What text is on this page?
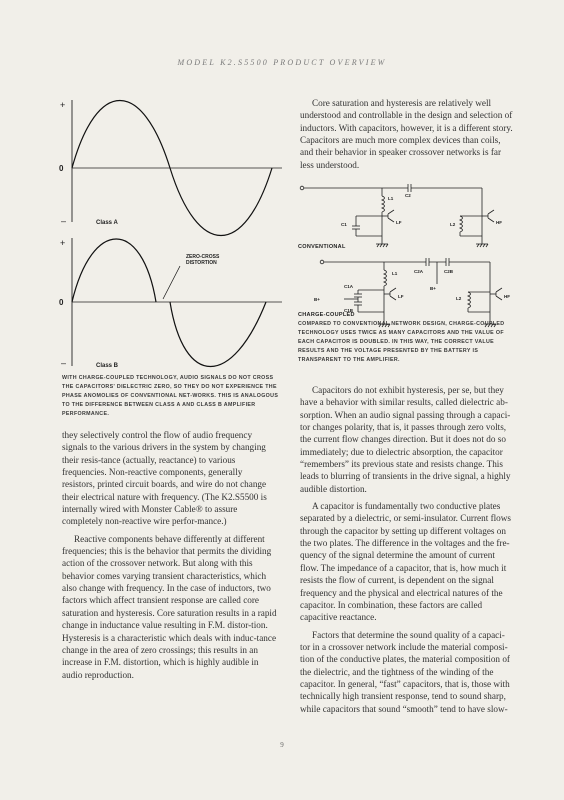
MODEL K2.S5500 PRODUCT OVERVIEW
+
0
–	Class A
ZERO-CROSS
DISTORTION
+
0
–	Class B
WITH CHARGE-COUPLED TECHNOLOGY, AUDIO SIGNALS DO NOT CROSS THE CAPACITORS' DIELECTRIC ZERO, SO THEY DO NOT EXPERIENCE THE PHASE ANOMOLIES OF CONVENTIONAL NET-WORKS. THIS IS ANALOGOUS TO THE DIFFERENCE BETWEEN CLASS A AND CLASS B AMPLIFIER PERFORMANCE.

they selectively control the flow of audio frequency signals to the various drivers in the system by changing their resis-tance (actually, reactance) to various frequencies. Non-reactive components, generally resistors, printed circuit boards, and wire do not change their electrical nature with frequency. (The K2.S5500 is internally wired with Monster Cable® to assure completely non-reactive wire perfor-mance.)

Reactive components behave differently at different frequencies; this is the behavior that permits the dividing action of the crossover network. But along with this behavior comes varying transient characteristics, which also change with frequency. In the case of inductors, two factors which affect transient response are called core saturation and hysteresis. Core saturation results in a rapid change in inductance value resulting in F.M. distor-tion. Hysteresis is a characteristic which deals with induc-tance change in the area of zero crossings; this results in an increase in F.M. distortion, which is highly audible in audio reproduction.

Core saturation and hysteresis are relatively well understood and controllable in the design and selection of inductors. With capacitors, however, it is a different story. Capacitors are much more complex devices than coils, and their behavior in speaker crossover networks is far less understood.

L1
C2
C1	LF	L2	HF
CONVENTIONAL
L1	C2A	C2B
C1A
B+
B+
C1B
LF	L2	HF
CHARGE-COUPLED
COMPARED TO CONVENTIONAL NETWORK DESIGN, CHARGE-COUPLED TECHNOLOGY USES TWICE AS MANY CAPACITORS AND THE VALUE OF EACH CAPACITOR IS DOUBLED. IN THIS WAY, THE CORRECT VALUE RESULTS AND THE VOLTAGE PRESENTED BY THE BATTERY IS TRANSPARENT TO THE AMPLIFIER.

Capacitors do not exhibit hysteresis, per se, but they have a behavior with similar results, called dielectric ab-sorption. When an audio signal passing through a capaci-tor changes polarity, that is, it passes through zero volts, the current flow changes direction. But it does not do so immediately; due to dielectric absorption, the capacitor “remembers” its previous state and resists change. This leads to blurring of transients in the drive signal, a highly audible distortion.

A capacitor is fundamentally two conductive plates separated by a dielectric, or semi-insulator. Current flows through the capacitor by setting up different voltages on the two plates. The difference in the voltages and the fre-quency of the signal determine the amount of current flow. The impedance of a capacitor, that is, how much it resists the flow of current, is dependent on the signal frequency and the physical and electrical natures of the capacitor. In combination, these factors are called capacitive reactance.

Factors that determine the sound quality of a capaci-tor in a crossover network include the material composi-tion of the conductive plates, the material composition of the dielectric, and the tightness of the winding of the capacitor. In general, “fast” capacitors, that is, those with technically high transient response, tend to sound sharp, while capacitors that sound “smooth” tend to have slow-

9
